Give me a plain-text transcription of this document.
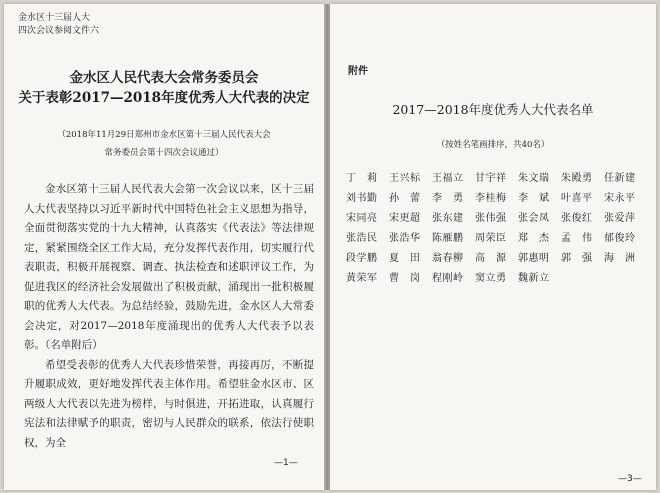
金水区十三届人大
四次会议参阅文件六
金水区人民代表大会常务委员会
关于表彰2017—2018年度优秀人大代表的决定
（2018年11月29日郑州市金水区第十三届人民代表大会
常务委员会第十四次会议通过）

金水区第十三届人民代表大会第一次会议以来，区十三届人大代表坚持以习近平新时代中国特色社会主义思想为指导，全面贯彻落实党的十九大精神，认真落实《代表法》等法律规定，紧紧围绕全区工作大局，充分发挥代表作用，切实履行代表职责，积极开展视察、调查、执法检查和述职评议工作，为促进我区的经济社会发展做出了积极贡献，涌现出一批积极履职的优秀人大代表。为总结经验，鼓励先进，金水区人大常委会决定，对2017—2018年度涌现出的优秀人大代表予以表彰。（名单附后）

希望受表彰的优秀人大代表珍惜荣誉，再接再厉，不断提升履职成效，更好地发挥代表主体作用。希望驻金水区市、区两级人大代表以先进为榜样，与时俱进，开拓进取，认真履行宪法和法律赋予的职责，密切与人民群众的联系，依法行使职权，为全

—1—
附件
2017—2018年度优秀人大代表名单
（按姓名笔画排序，共40名）
丁　莉	王兴标	王福立	甘宇祥	朱文瑞	朱殿勇	任新建
刘书勤	孙　蕾	李　勇	李桂梅	李　斌	叶喜平	宋永平
宋同亮	宋更超	张东建	张伟强	张会凤	张俊红	张爱萍
张浩民	张浩华	陈雁鹏	周荣臣	郑　杰	孟　伟	郁俊玲
段学鹏	夏　田	翁春柳	高　源	郭惠明	郭　强	海　洲
黄荣军	曹　岗	程刚岭	窦立勇	魏新立
—3—
